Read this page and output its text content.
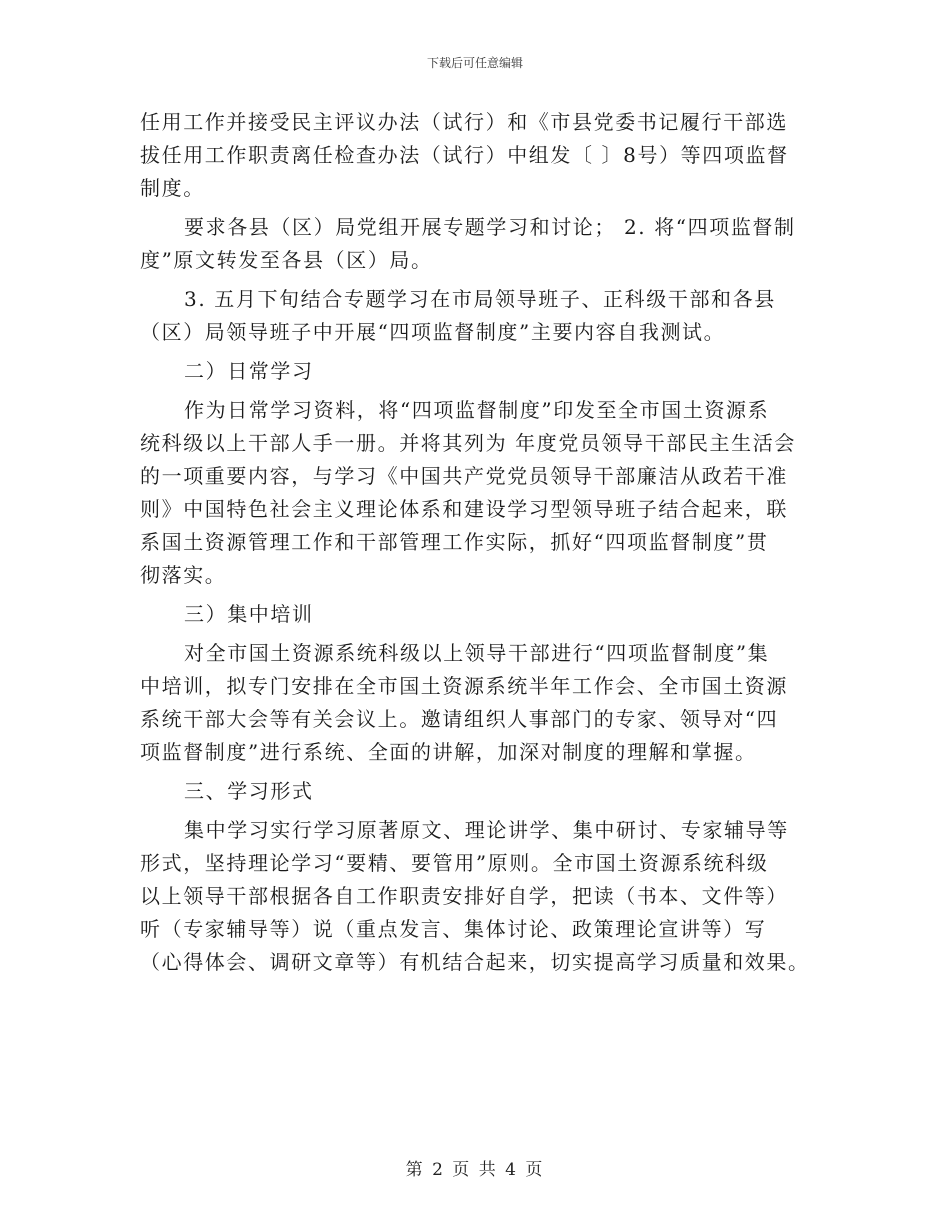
下载后可任意编辑
任用工作并接受民主评议办法（试行）和《市县党委书记履行干部选
拔任用工作职责离任检查办法（试行）中组发〔 〕8号）等四项监督
制度。
要求各县（区）局党组开展专题学习和讨论； 2. 将“四项监督制
度”原文转发至各县（区）局。
3. 五月下旬结合专题学习在市局领导班子、正科级干部和各县
（区）局领导班子中开展“四项监督制度”主要内容自我测试。
二）日常学习
作为日常学习资料，将“四项监督制度”印发至全市国土资源系
统科级以上干部人手一册。并将其列为 年度党员领导干部民主生活会
的一项重要内容，与学习《中国共产党党员领导干部廉洁从政若干准
则》中国特色社会主义理论体系和建设学习型领导班子结合起来，联
系国土资源管理工作和干部管理工作实际，抓好“四项监督制度”贯
彻落实。
三）集中培训
对全市国土资源系统科级以上领导干部进行“四项监督制度”集
中培训，拟专门安排在全市国土资源系统半年工作会、全市国土资源
系统干部大会等有关会议上。邀请组织人事部门的专家、领导对“四
项监督制度”进行系统、全面的讲解，加深对制度的理解和掌握。
三、学习形式
集中学习实行学习原著原文、理论讲学、集中研讨、专家辅导等
形式，坚持理论学习“要精、要管用”原则。全市国土资源系统科级
以上领导干部根据各自工作职责安排好自学，把读（书本、文件等）
听（专家辅导等）说（重点发言、集体讨论、政策理论宣讲等）写
（心得体会、调研文章等）有机结合起来，切实提高学习质量和效果。
第 2 页 共 4 页
